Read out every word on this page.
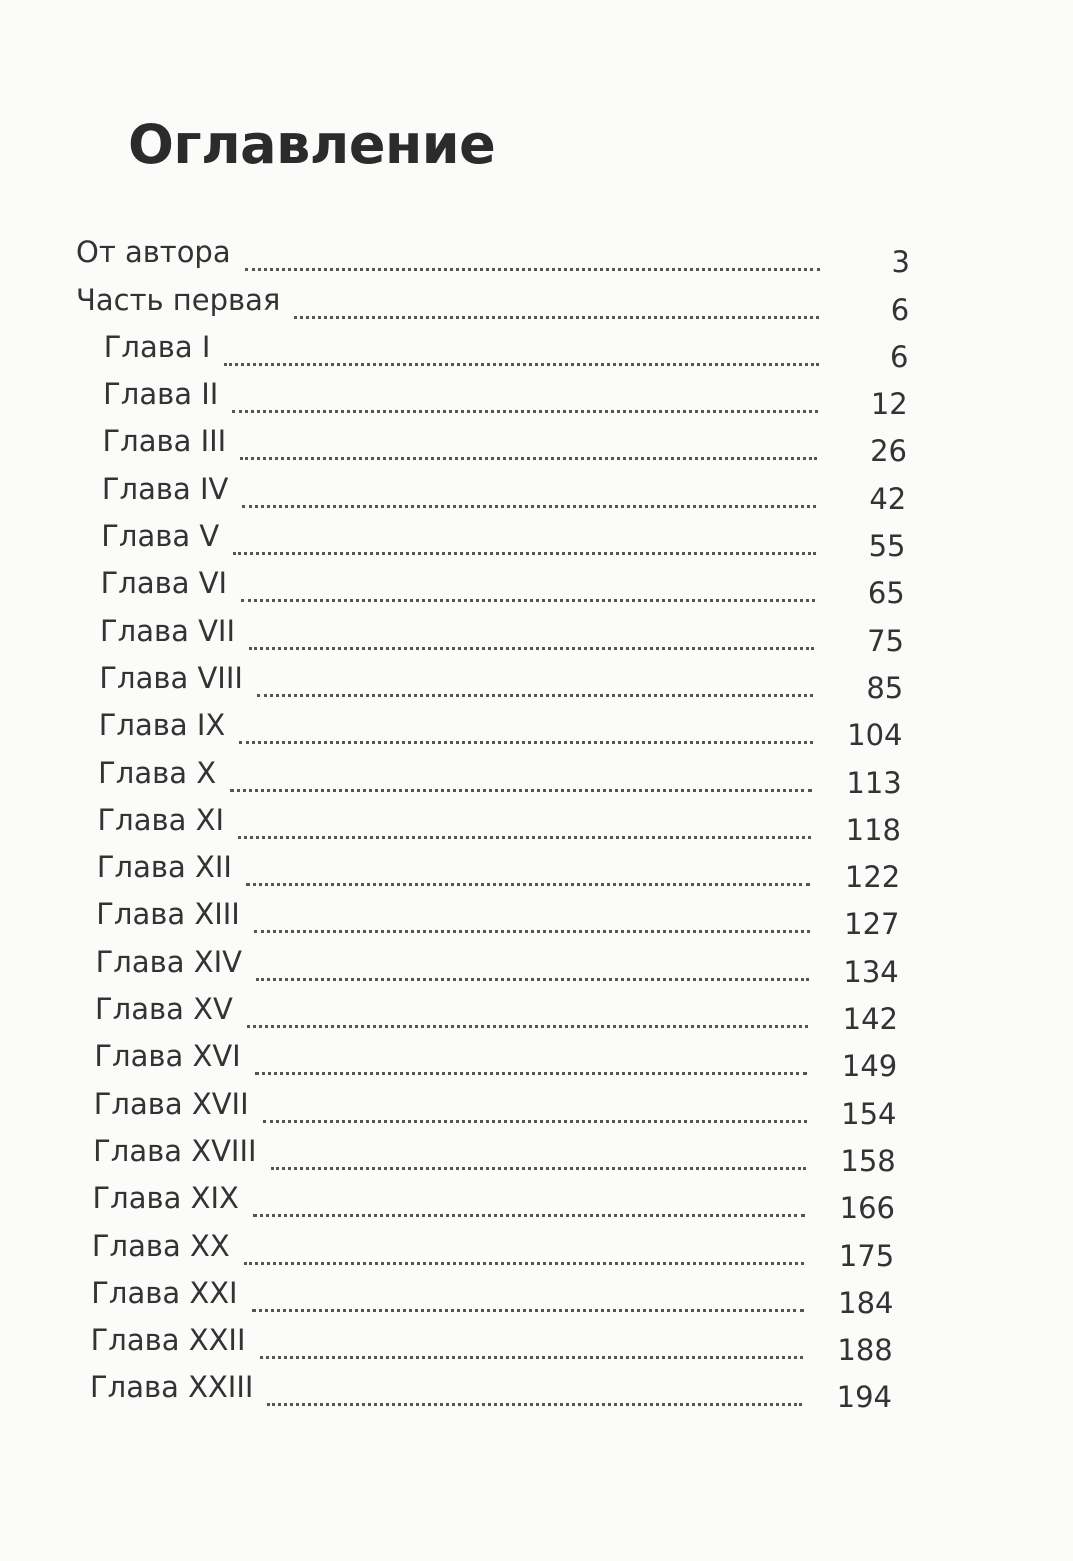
Оглавление
От автора	3
Часть первая	6
Глава I	6
Глава II	12
Глава III	26
Глава IV	42
Глава V	55
Глава VI	65
Глава VII	75
Глава VIII	85
Глава IX	104
Глава X	113
Глава XI	118
Глава XII	122
Глава XIII	127
Глава XIV	134
Глава XV	142
Глава XVI	149
Глава XVII	154
Глава XVIII	158
Глава XIX	166
Глава XX	175
Глава XXI	184
Глава XXII	188
Глава XXIII	194
